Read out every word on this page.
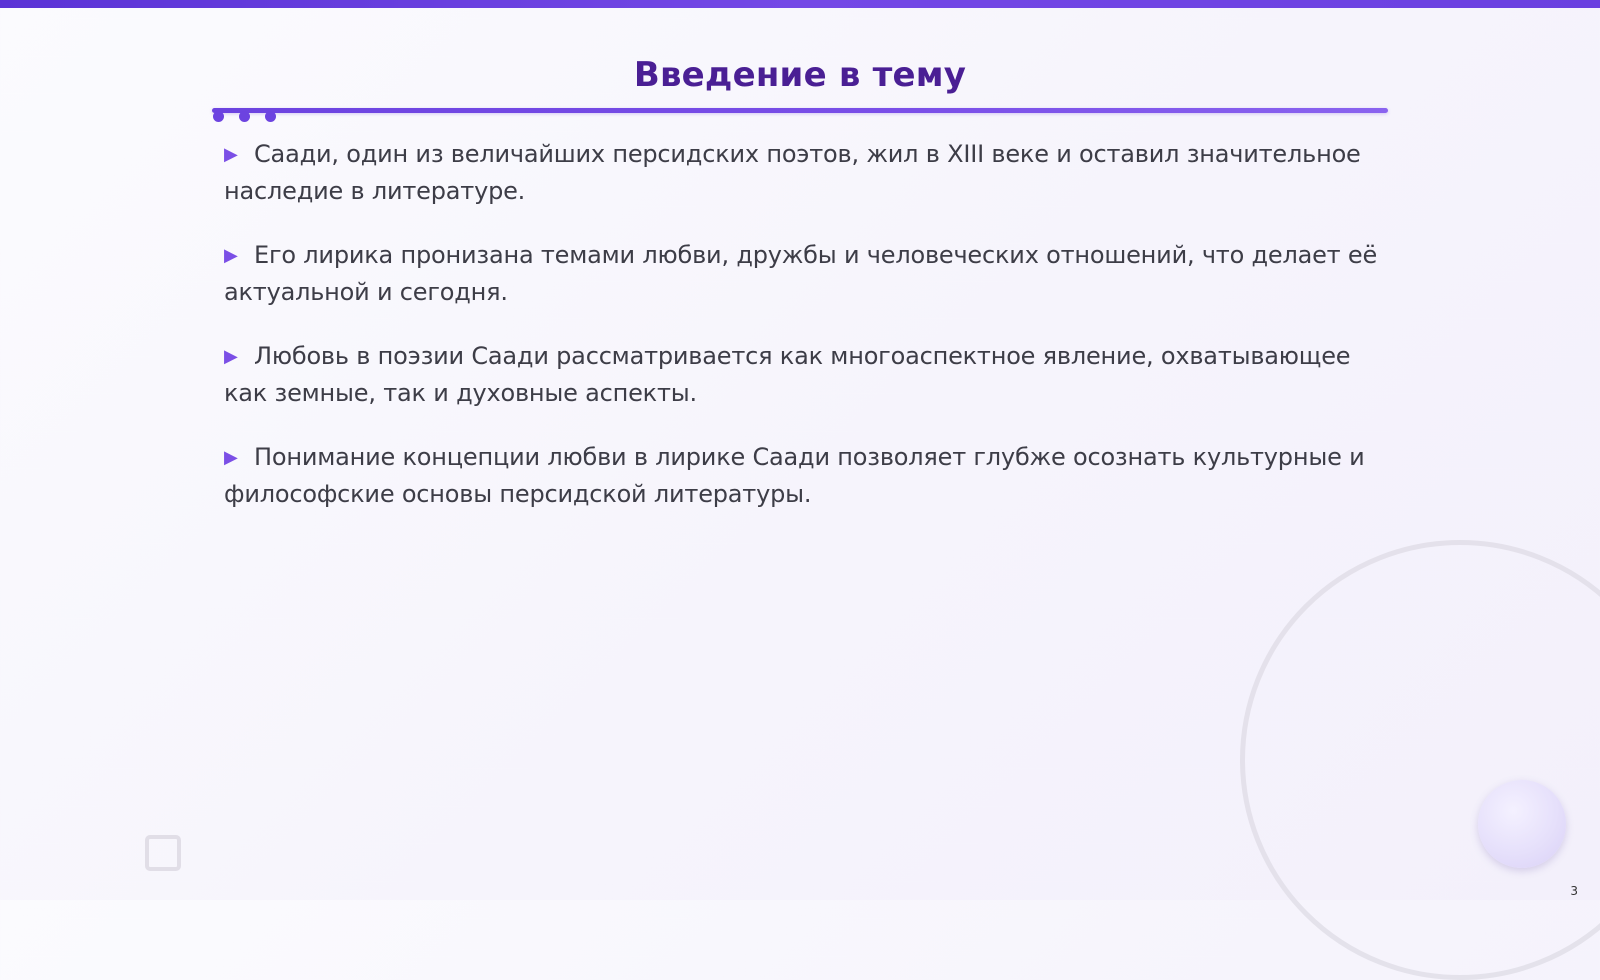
Введение в тему

▶ Саади, один из величайших персидских поэтов, жил в XIII веке и оставил значительное наследие в литературе.

▶ Его лирика пронизана темами любви, дружбы и человеческих отношений, что делает её актуальной и сегодня.

▶ Любовь в поэзии Саади рассматривается как многоаспектное явление, охватывающее как земные, так и духовные аспекты.

▶ Понимание концепции любви в лирике Саади позволяет глубже осознать культурные и философские основы персидской литературы.

3
